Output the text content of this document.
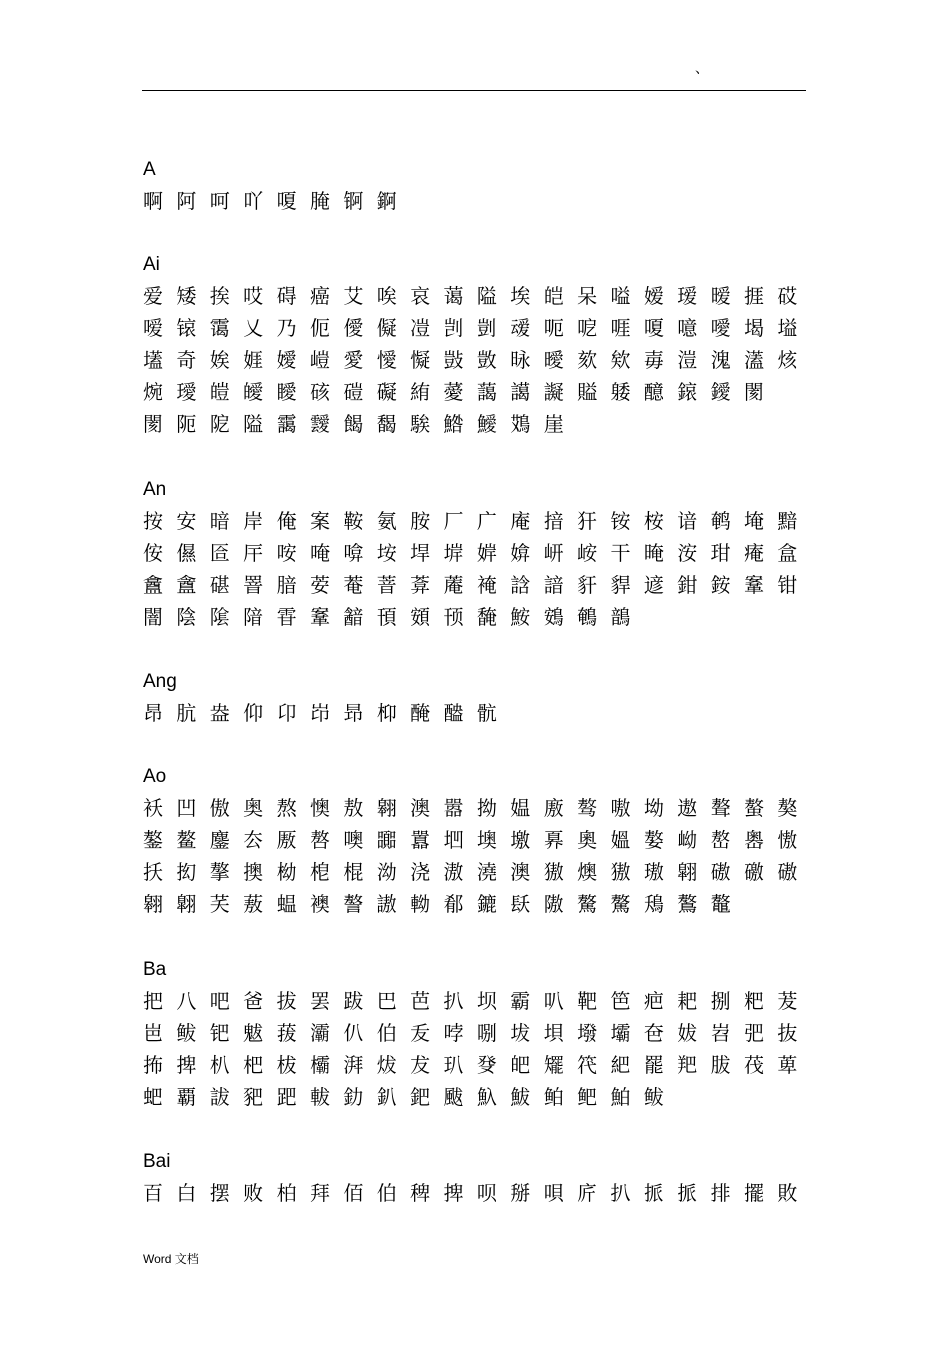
、
A
啊 阿 呵 吖 嗄 腌 锕 錒
Ai
爱 矮 挨 哎 碍 癌 艾 唉 哀 蔼 隘 埃 皑 呆 嗌 嫒 瑷 暧 捱 砹
嗳 锿 霭 乂 乃 伌 僾 儗 凒 剀 剴 叆 呃 呝 啀 嗄 噫 噯 堨 塧
壒 奇 娭 娾 嬡 嵦 愛 懓 懝 敱 敳 昹 曖 欬 欸 毐 溰 溾 濭 烗
焥 璦 皚 皧 瞹 硋 磑 礙 絠 薆 藹 譪 譺 賹 躷 醷 鎄 鑀 閡
閡 阨 阸 隘 靄 靉 餲 馤 騃 鯦 鱫 鴱 崖
An
按 安 暗 岸 俺 案 鞍 氨 胺 厂 广 庵 揞 犴 铵 桉 谙 鹌 埯 黯
侒 儑 匼 厈 咹 唵 啽 垵 垾 堓 婩 媕 岍 峖 干 晻 洝 玵 痷 盒
盫 盦 碪 罯 腤 荌 菴 萻 葊 蓭 裺 誝 諳 豻 貋 遃 鉗 銨 鞌 钳
闇 陰 隂 隌 雸 鞌 韽 頇 頞 顸 馣 鮟 鴳 鵪 鶕
Ang
昂 肮 盎 仰 卬 岇 昻 枊 醃 醠 骯
Ao
袄 凹 傲 奥 熬 懊 敖 翱 澳 嚣 拗 媪 廒 骜 嗷 坳 遨 聱 螯 獒
鏊 鳌 鏖 厺 厫 嗸 噢 嚻 囂 垇 墺 墽 奡 奧 媼 嫯 岰 嶅 嶴 慠
扷 抝 摮 擙 柪 梎 棍 泑 浇 滶 澆 澳 獓 燠 獓 璈 翶 磝 礉 磝
翱 翺 芺 蔜 蝹 襖 謷 謸 軪 郩 鏕 镺 隞 驁 驁 鴁 鷔 鼇
Ba
把 八 吧 爸 拔 罢 跋 巴 芭 扒 坝 霸 叭 靶 笆 疤 耙 捌 粑 茇
岜 鲅 钯 魃 菝 灞 仈 伯 叐 哱 哵 坺 垻 墢 壩 夿 妭 岧 弝 抜
抪 捭 朳 杷 柭 欛 湃 炦 犮 玐 癹 皅 矲 笩 紦 罷 羓 胈 茷 萆
蚆 覇 詙 豝 跁 軷 釛 釟 鈀 颰 魞 鮁 鲌 鲃 鮊 鲅
Bai
百 白 摆 败 柏 拜 佰 伯 稗 捭 呗 掰 唄 庍 扒 挀 挀 排 擺 敗
Word 文档
